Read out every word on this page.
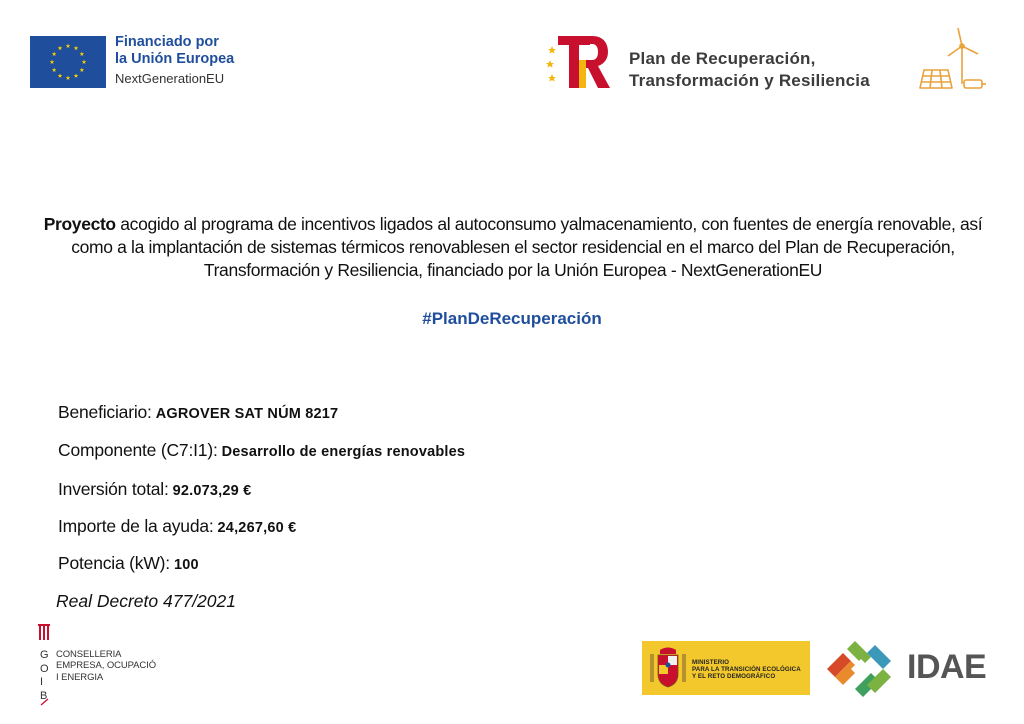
Financiado por
la Unión Europea
NextGenerationEU
Plan de Recuperación,
Transformación y Resiliencia
Proyecto acogido al programa de incentivos ligados al autoconsumo yalmacenamiento, con fuentes de energía renovable, así como a la implantación de sistemas térmicos renovablesen el sector residencial en el marco del Plan de Recuperación, Transformación y Resiliencia, financiado por la Unión Europea - NextGenerationEU
#PlanDeRecuperación
Beneficiario: AGROVER SAT NÚM 8217
Componente (C7:I1): Desarrollo de energías renovables
Inversión total: 92.073,29 €
Importe de la ayuda: 24,267,60 €
Potencia (kW): 100
Real Decreto 477/2021
G
O
I
B
CONSELLERIA
EMPRESA, OCUPACIÓ
I ENERGIA
MINISTERIO
PARA LA TRANSICIÓN ECOLÓGICA
Y EL RETO DEMOGRÁFICO	IDAE
